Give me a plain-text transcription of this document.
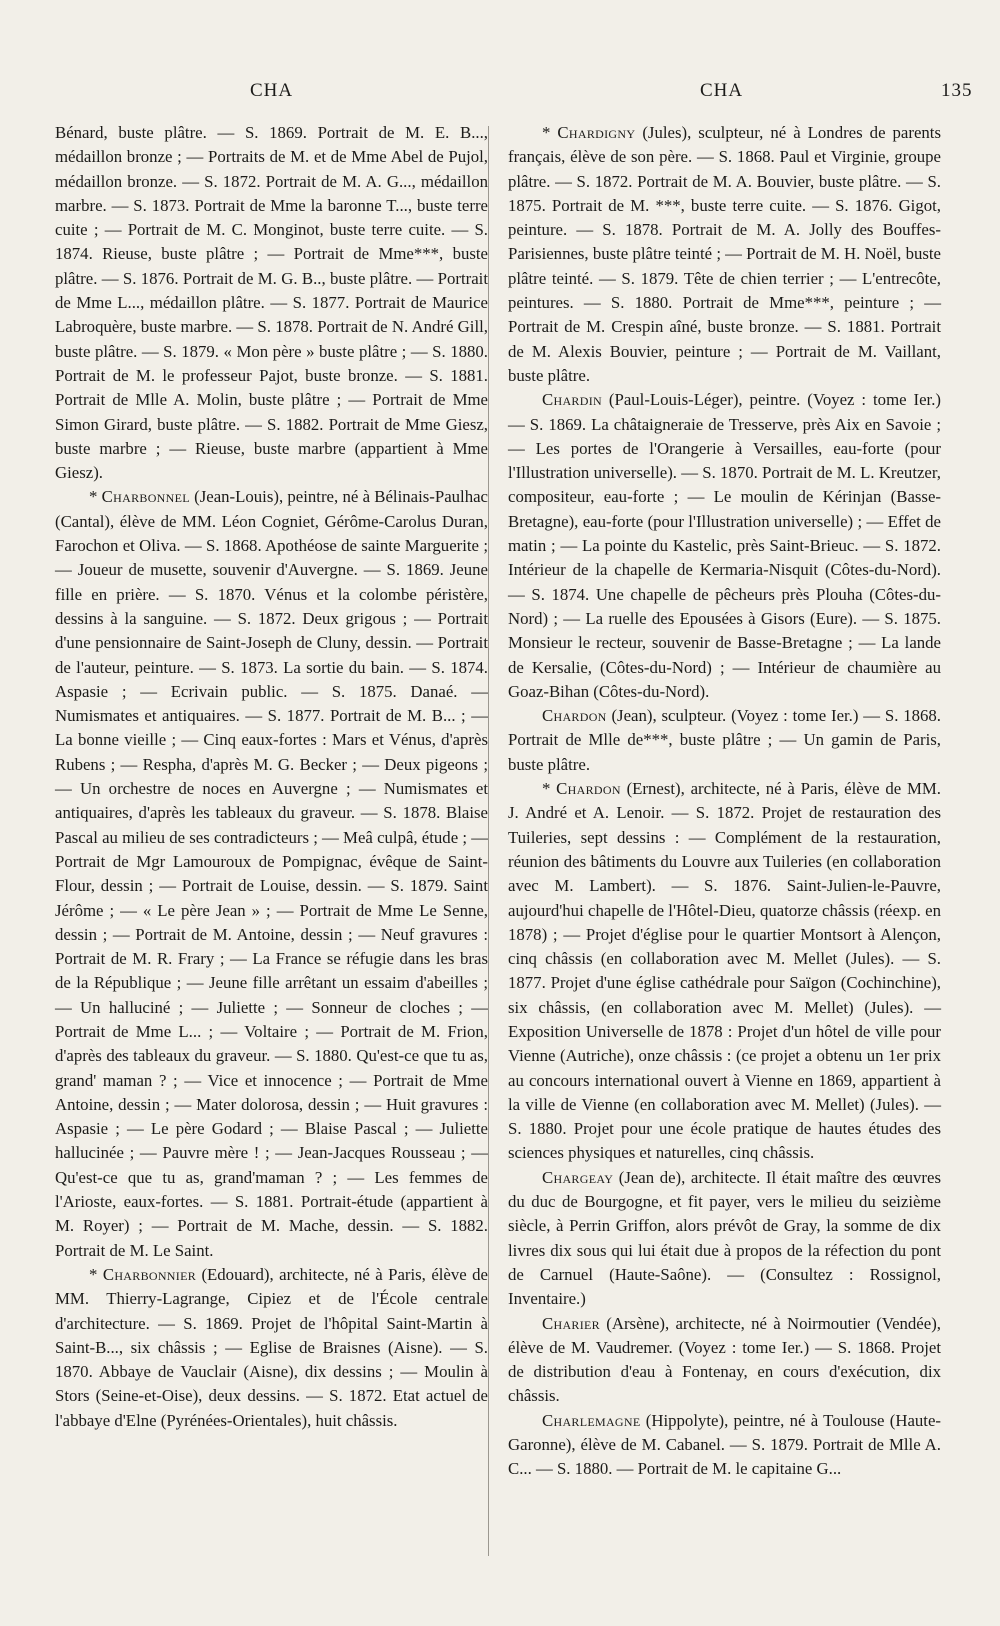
CHA	CHA	135

Bénard, buste plâtre. — S. 1869. Portrait de M. E. B..., médaillon bronze ; — Portraits de M. et de Mme Abel de Pujol, médaillon bronze. — S. 1872. Portrait de M. A. G..., médaillon marbre. — S. 1873. Portrait de Mme la baronne T..., buste terre cuite ; — Portrait de M. C. Monginot, buste terre cuite. — S. 1874. Rieuse, buste plâtre ; — Portrait de Mme***, buste plâtre. — S. 1876. Portrait de M. G. B.., buste plâtre. — Portrait de Mme L..., médaillon plâtre. — S. 1877. Portrait de Maurice Labroquère, buste marbre. — S. 1878. Portrait de N. André Gill, buste plâtre. — S. 1879. « Mon père » buste plâtre ; — S. 1880. Portrait de M. le professeur Pajot, buste bronze. — S. 1881. Portrait de Mlle A. Molin, buste plâtre ; — Portrait de Mme Simon Girard, buste plâtre. — S. 1882. Portrait de Mme Giesz, buste marbre ; — Rieuse, buste marbre (appartient à Mme Giesz).

* Charbonnel (Jean-Louis), peintre, né à Bélinais-Paulhac (Cantal), élève de MM. Léon Cogniet, Gérôme-Carolus Duran, Farochon et Oliva. — S. 1868. Apothéose de sainte Marguerite ; — Joueur de musette, souvenir d'Auvergne. — S. 1869. Jeune fille en prière. — S. 1870. Vénus et la colombe péristère, dessins à la sanguine. — S. 1872. Deux grigous ; — Portrait d'une pensionnaire de Saint-Joseph de Cluny, dessin. — Portrait de l'auteur, peinture. — S. 1873. La sortie du bain. — S. 1874. Aspasie ; — Ecrivain public. — S. 1875. Danaé. — Numismates et antiquaires. — S. 1877. Portrait de M. B... ; — La bonne vieille ; — Cinq eaux-fortes : Mars et Vénus, d'après Rubens ; — Respha, d'après M. G. Becker ; — Deux pigeons ; — Un orchestre de noces en Auvergne ; — Numismates et antiquaires, d'après les tableaux du graveur. — S. 1878. Blaise Pascal au milieu de ses contradicteurs ; — Meâ culpâ, étude ; — Portrait de Mgr Lamouroux de Pompignac, évêque de Saint-Flour, dessin ; — Portrait de Louise, dessin. — S. 1879. Saint Jérôme ; — « Le père Jean » ; — Portrait de Mme Le Senne, dessin ; — Portrait de M. Antoine, dessin ; — Neuf gravures : Portrait de M. R. Frary ; — La France se réfugie dans les bras de la République ; — Jeune fille arrêtant un essaim d'abeilles ; — Un halluciné ; — Juliette ; — Sonneur de cloches ; — Portrait de Mme L... ; — Voltaire ; — Portrait de M. Frion, d'après des tableaux du graveur. — S. 1880. Qu'est-ce que tu as, grand' maman ? ; — Vice et innocence ; — Portrait de Mme Antoine, dessin ; — Mater dolorosa, dessin ; — Huit gravures : Aspasie ; — Le père Godard ; — Blaise Pascal ; — Juliette hallucinée ; — Pauvre mère ! ; — Jean-Jacques Rousseau ; — Qu'est-ce que tu as, grand'maman ? ; — Les femmes de l'Arioste, eaux-fortes. — S. 1881. Portrait-étude (appartient à M. Royer) ; — Portrait de M. Mache, dessin. — S. 1882. Portrait de M. Le Saint.

* Charbonnier (Edouard), architecte, né à Paris, élève de MM. Thierry-Lagrange, Cipiez et de l'École centrale d'architecture. — S. 1869. Projet de l'hôpital Saint-Martin à Saint-B..., six châssis ; — Eglise de Braisnes (Aisne). — S. 1870. Abbaye de Vauclair (Aisne), dix dessins ; — Moulin à Stors (Seine-et-Oise), deux dessins. — S. 1872. Etat actuel de l'abbaye d'Elne (Pyrénées-Orientales), huit châssis.

* Chardigny (Jules), sculpteur, né à Londres de parents français, élève de son père. — S. 1868. Paul et Virginie, groupe plâtre. — S. 1872. Portrait de M. A. Bouvier, buste plâtre. — S. 1875. Portrait de M. ***, buste terre cuite. — S. 1876. Gigot, peinture. — S. 1878. Portrait de M. A. Jolly des Bouffes-Parisiennes, buste plâtre teinté ; — Portrait de M. H. Noël, buste plâtre teinté. — S. 1879. Tête de chien terrier ; — L'entrecôte, peintures. — S. 1880. Portrait de Mme***, peinture ; — Portrait de M. Crespin aîné, buste bronze. — S. 1881. Portrait de M. Alexis Bouvier, peinture ; — Portrait de M. Vaillant, buste plâtre.

Chardin (Paul-Louis-Léger), peintre. (Voyez : tome Ier.) — S. 1869. La châtaigneraie de Tresserve, près Aix en Savoie ; — Les portes de l'Orangerie à Versailles, eau-forte (pour l'Illustration universelle). — S. 1870. Portrait de M. L. Kreutzer, compositeur, eau-forte ; — Le moulin de Kérinjan (Basse-Bretagne), eau-forte (pour l'Illustration universelle) ; — Effet de matin ; — La pointe du Kastelic, près Saint-Brieuc. — S. 1872. Intérieur de la chapelle de Kermaria-Nisquit (Côtes-du-Nord). — S. 1874. Une chapelle de pêcheurs près Plouha (Côtes-du-Nord) ; — La ruelle des Epousées à Gisors (Eure). — S. 1875. Monsieur le recteur, souvenir de Basse-Bretagne ; — La lande de Kersalie, (Côtes-du-Nord) ; — Intérieur de chaumière au Goaz-Bihan (Côtes-du-Nord).

Chardon (Jean), sculpteur. (Voyez : tome Ier.) — S. 1868. Portrait de Mlle de***, buste plâtre ; — Un gamin de Paris, buste plâtre.

* Chardon (Ernest), architecte, né à Paris, élève de MM. J. André et A. Lenoir. — S. 1872. Projet de restauration des Tuileries, sept dessins : — Complément de la restauration, réunion des bâtiments du Louvre aux Tuileries (en collaboration avec M. Lambert). — S. 1876. Saint-Julien-le-Pauvre, aujourd'hui chapelle de l'Hôtel-Dieu, quatorze châssis (réexp. en 1878) ; — Projet d'église pour le quartier Montsort à Alençon, cinq châssis (en collaboration avec M. Mellet (Jules). — S. 1877. Projet d'une église cathédrale pour Saïgon (Cochinchine), six châssis, (en collaboration avec M. Mellet) (Jules). — Exposition Universelle de 1878 : Projet d'un hôtel de ville pour Vienne (Autriche), onze châssis : (ce projet a obtenu un 1er prix au concours international ouvert à Vienne en 1869, appartient à la ville de Vienne (en collaboration avec M. Mellet) (Jules). — S. 1880. Projet pour une école pratique de hautes études des sciences physiques et naturelles, cinq châssis.

Chargeay (Jean de), architecte. Il était maître des œuvres du duc de Bourgogne, et fit payer, vers le milieu du seizième siècle, à Perrin Griffon, alors prévôt de Gray, la somme de dix livres dix sous qui lui était due à propos de la réfection du pont de Carnuel (Haute-Saône). — (Consultez : Rossignol, Inventaire.)

Charier (Arsène), architecte, né à Noirmoutier (Vendée), élève de M. Vaudremer. (Voyez : tome Ier.) — S. 1868. Projet de distribution d'eau à Fontenay, en cours d'exécution, dix châssis.

Charlemagne (Hippolyte), peintre, né à Toulouse (Haute-Garonne), élève de M. Cabanel. — S. 1879. Portrait de Mlle A. C... — S. 1880. — Portrait de M. le capitaine G...
